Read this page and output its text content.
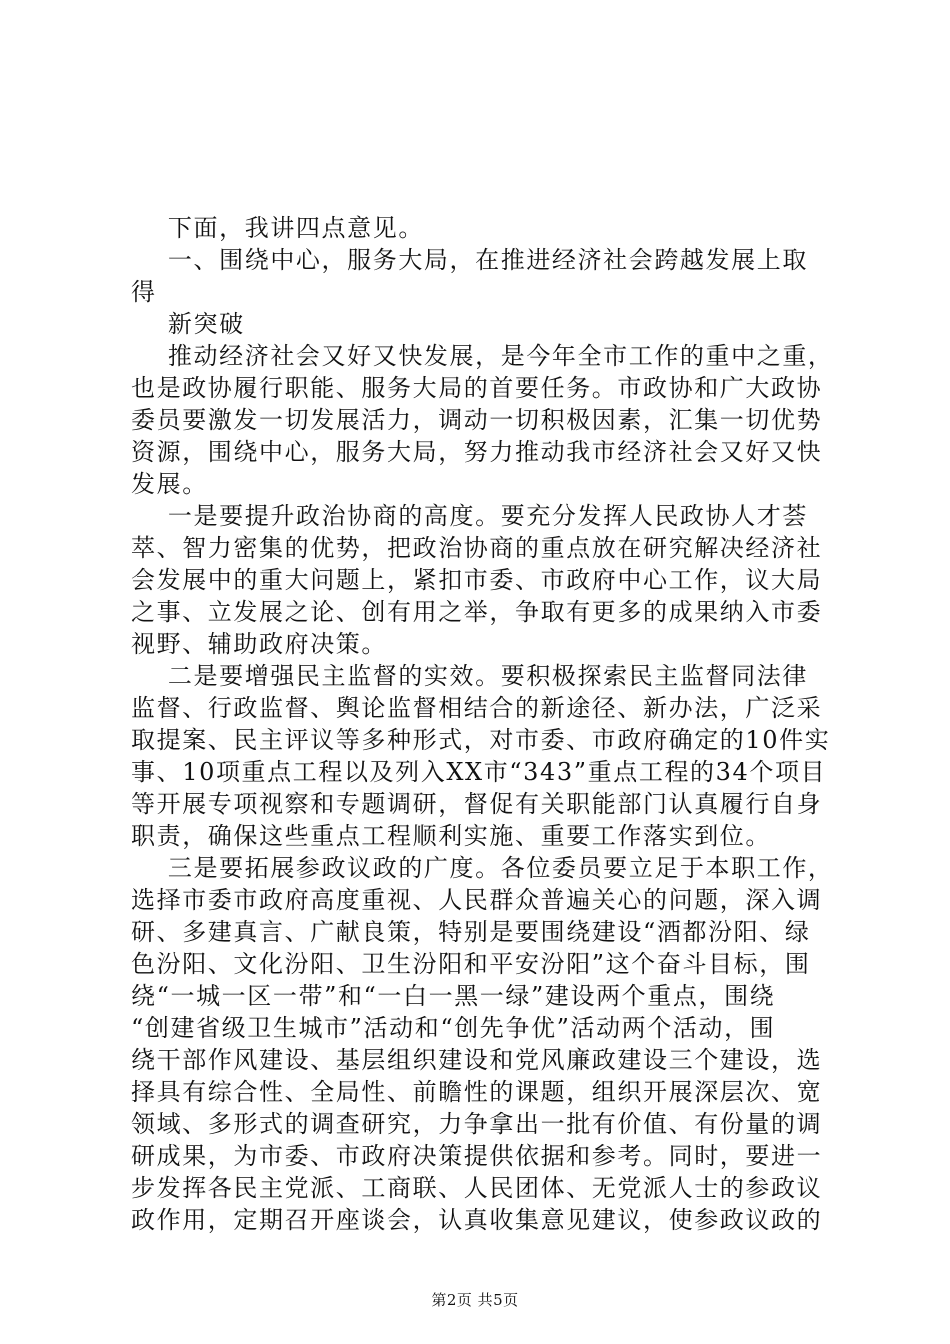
下面，我讲四点意见。
一、围绕中心，服务大局，在推进经济社会跨越发展上取
得
新突破
推动经济社会又好又快发展，是今年全市工作的重中之重，
也是政协履行职能、服务大局的首要任务。市政协和广大政协
委员要激发一切发展活力，调动一切积极因素，汇集一切优势
资源，围绕中心，服务大局，努力推动我市经济社会又好又快
发展。
一是要提升政治协商的高度。要充分发挥人民政协人才荟
萃、智力密集的优势，把政治协商的重点放在研究解决经济社
会发展中的重大问题上，紧扣市委、市政府中心工作，议大局
之事、立发展之论、创有用之举，争取有更多的成果纳入市委
视野、辅助政府决策。
二是要增强民主监督的实效。要积极探索民主监督同法律
监督、行政监督、舆论监督相结合的新途径、新办法，广泛采
取提案、民主评议等多种形式，对市委、市政府确定的10件实
事、10项重点工程以及列入XX市“343”重点工程的34个项目
等开展专项视察和专题调研，督促有关职能部门认真履行自身
职责，确保这些重点工程顺利实施、重要工作落实到位。
三是要拓展参政议政的广度。各位委员要立足于本职工作，
选择市委市政府高度重视、人民群众普遍关心的问题，深入调
研、多建真言、广献良策，特别是要围绕建设“酒都汾阳、绿
色汾阳、文化汾阳、卫生汾阳和平安汾阳”这个奋斗目标，围
绕“一城一区一带”和“一白一黑一绿”建设两个重点，围绕
“创建省级卫生城市”活动和“创先争优”活动两个活动，围
绕干部作风建设、基层组织建设和党风廉政建设三个建设，选
择具有综合性、全局性、前瞻性的课题，组织开展深层次、宽
领域、多形式的调查研究，力争拿出一批有价值、有份量的调
研成果，为市委、市政府决策提供依据和参考。同时，要进一
步发挥各民主党派、工商联、人民团体、无党派人士的参政议
政作用，定期召开座谈会，认真收集意见建议，使参政议政的
第2页 共5页
